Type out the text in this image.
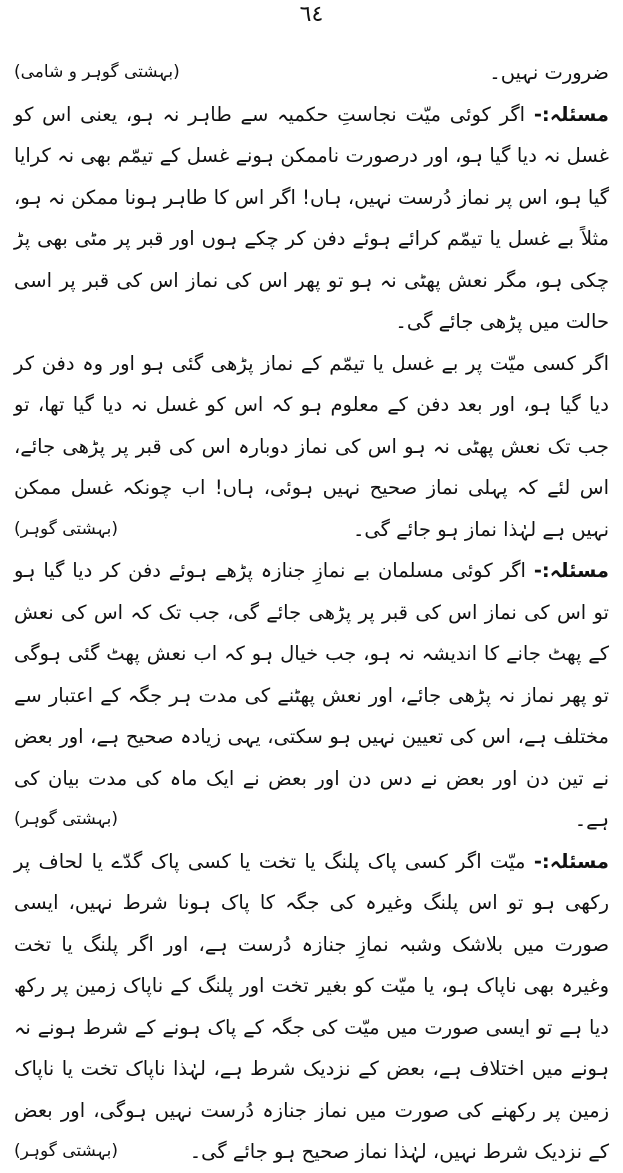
٦٤

ضرورت نہیں۔
(بہشتی گوہر و شامی)

مسئلہ:- اگر کوئی میّت نجاستِ حکمیہ سے طاہر نہ ہو، یعنی اس کو غسل نہ دیا گیا ہو، اور درصورت ناممکن ہونے غسل کے تیمّم بھی نہ کرایا گیا ہو، اس پر نماز دُرست نہیں، ہاں! اگر اس کا طاہر ہونا ممکن نہ ہو، مثلاً بے غسل یا تیمّم کرائے ہوئے دفن کر چکے ہوں اور قبر پر مٹی بھی پڑ چکی ہو، مگر نعش پھٹی نہ ہو تو پھر اس کی نماز اس کی قبر پر اسی حالت میں پڑھی جائے گی۔

اگر کسی میّت پر بے غسل یا تیمّم کے نماز پڑھی گئی ہو اور وہ دفن کر دیا گیا ہو، اور بعد دفن کے معلوم ہو کہ اس کو غسل نہ دیا گیا تھا، تو جب تک نعش پھٹی نہ ہو اس کی نماز دوبارہ اس کی قبر پر پڑھی جائے، اس لئے کہ پہلی نماز صحیح نہیں ہوئی، ہاں! اب چونکہ غسل ممکن نہیں ہے لہٰذا نماز ہو جائے گی۔
(بہشتی گوہر)

مسئلہ:- اگر کوئی مسلمان بے نمازِ جنازہ پڑھے ہوئے دفن کر دیا گیا ہو تو اس کی نماز اس کی قبر پر پڑھی جائے گی، جب تک کہ اس کی نعش کے پھٹ جانے کا اندیشہ نہ ہو، جب خیال ہو کہ اب نعش پھٹ گئی ہوگی تو پھر نماز نہ پڑھی جائے، اور نعش پھٹنے کی مدت ہر جگہ کے اعتبار سے مختلف ہے، اس کی تعیین نہیں ہو سکتی، یہی زیادہ صحیح ہے، اور بعض نے تین دن اور بعض نے دس دن اور بعض نے ایک ماہ کی مدت بیان کی ہے۔
(بہشتی گوہر)

مسئلہ:- میّت اگر کسی پاک پلنگ یا تخت یا کسی پاک گدّے یا لحاف پر رکھی ہو تو اس پلنگ وغیرہ کی جگہ کا پاک ہونا شرط نہیں، ایسی صورت میں بلاشک وشبہ نمازِ جنازہ دُرست ہے، اور اگر پلنگ یا تخت وغیرہ بھی ناپاک ہو، یا میّت کو بغیر تخت اور پلنگ کے ناپاک زمین پر رکھ دیا ہے تو ایسی صورت میں میّت کی جگہ کے پاک ہونے کے شرط ہونے نہ ہونے میں اختلاف ہے، بعض کے نزدیک شرط ہے، لہٰذا ناپاک تخت یا ناپاک زمین پر رکھنے کی صورت میں نماز جنازہ دُرست نہیں ہوگی، اور بعض کے نزدیک شرط نہیں، لہٰذا نماز صحیح ہو جائے گی۔
(بہشتی گوہر)
